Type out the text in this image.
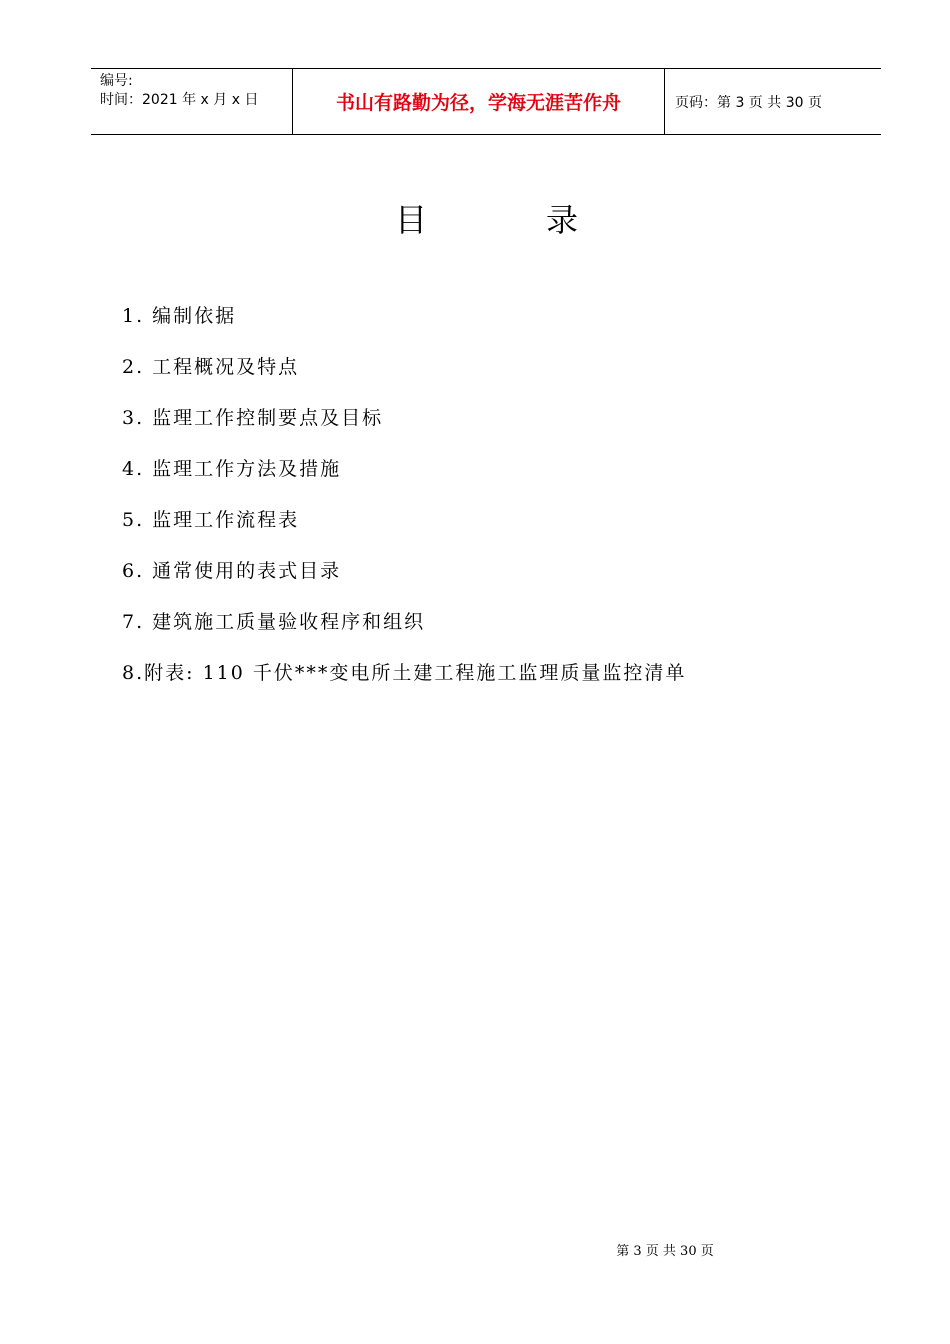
编号:
时间：2021 年 x 月 x 日	书山有路勤为径，学海无涯苦作舟	页码：第 3 页 共 30 页
目	录
1. 编制依据
2. 工程概况及特点
3. 监理工作控制要点及目标
4. 监理工作方法及措施
5. 监理工作流程表
6. 通常使用的表式目录
7. 建筑施工质量验收程序和组织
8.附表: 110 千伏***变电所土建工程施工监理质量监控清单
第 3 页 共 30 页
